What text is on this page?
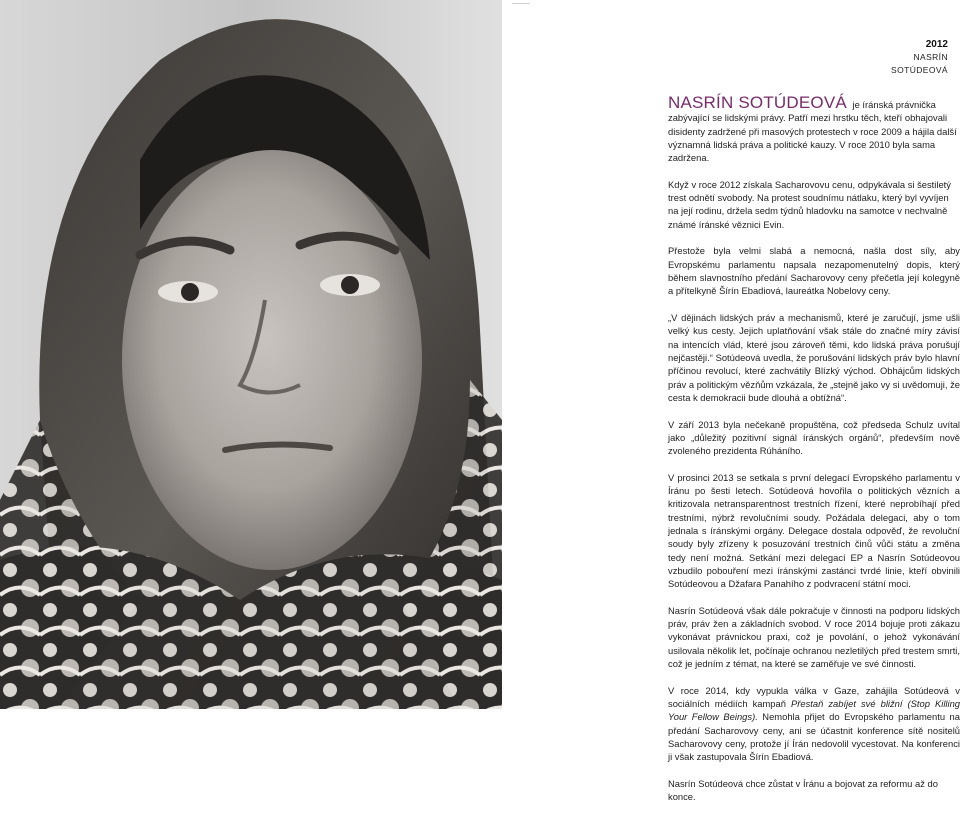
2012
NASRÍN
SOTÚDEOVÁ

NASRÍN SOTÚDEOVÁ je íránská právnička zabývající se lidskými právy. Patří mezi hrstku těch, kteří obhajovali disidenty zadržené při masových protestech v roce 2009 a hájila další významná lidská práva a politické kauzy. V roce 2010 byla sama zadržena.

Když v roce 2012 získala Sacharovovu cenu, odpykávala si šestiletý trest odnětí svobody. Na protest soudnímu nátlaku, který byl vyvíjen na její rodinu, držela sedm týdnů hladovku na samotce v nechvalně známé íránské věznici Evin.

Přestože byla velmi slabá a nemocná, našla dost síly, aby Evropskému parlamentu napsala nezapomenutelný dopis, který během slavnostního předání Sacharovovy ceny přečetla její kolegyně a přítelkyně Šírín Ebadiová, laureátka Nobelovy ceny.

„V dějinách lidských práv a mechanismů, které je zaručují, jsme ušli velký kus cesty. Jejich uplatňování však stále do značné míry závisí na intencích vlád, které jsou zároveň těmi, kdo lidská práva porušují nejčastěji.“ Sotúdeová uvedla, že porušování lidských práv bylo hlavní příčinou revolucí, které zachvátily Blízký východ. Obhájcům lidských práv a politickým vězňům vzkázala, že „stejně jako vy si uvědomuji, že cesta k demokracii bude dlouhá a obtížná“.

V září 2013 byla nečekaně propuštěna, což předseda Schulz uvítal jako „důležitý pozitivní signál íránských orgánů“, především nově zvoleného prezidenta Rúháního.

V prosinci 2013 se setkala s první delegací Evropského parlamentu v Íránu po šesti letech. Sotúdeová hovořila o politických vězních a kritizovala netransparentnost trestních řízení, které neprobíhají před trestními, nýbrž revolučními soudy. Požádala delegaci, aby o tom jednala s íránskými orgány. Delegace dostala odpověď, že revoluční soudy byly zřízeny k posuzování trestních činů vůči státu a změna tedy není možná. Setkání mezi delegací EP a Nasrín Sotúdeovou vzbudilo pobouření mezi íránskými zastánci tvrdé linie, kteří obvinili Sotúdeovou a Džafara Panahího z podvracení státní moci.

Nasrín Sotúdeová však dále pokračuje v činnosti na podporu lidských práv, práv žen a základních svobod. V roce 2014 bojuje proti zákazu vykonávat právnickou praxi, což je povolání, o jehož vykonávání usilovala několik let, počínaje ochranou nezletilých před trestem smrti, což je jedním z témat, na které se zaměřuje ve své činnosti.

V roce 2014, kdy vypukla válka v Gaze, zahájila Sotúdeová v sociálních médiích kampaň Přestaň zabíjet své bližní (Stop Killing Your Fellow Beings). Nemohla přijet do Evropského parlamentu na předání Sacharovovy ceny, ani se účastnit konference sítě nositelů Sacharovovy ceny, protože jí Írán nedovolil vycestovat. Na konferenci ji však zastupovala Šírín Ebadiová.

Nasrín Sotúdeová chce zůstat v Íránu a bojovat za reformu až do konce.
